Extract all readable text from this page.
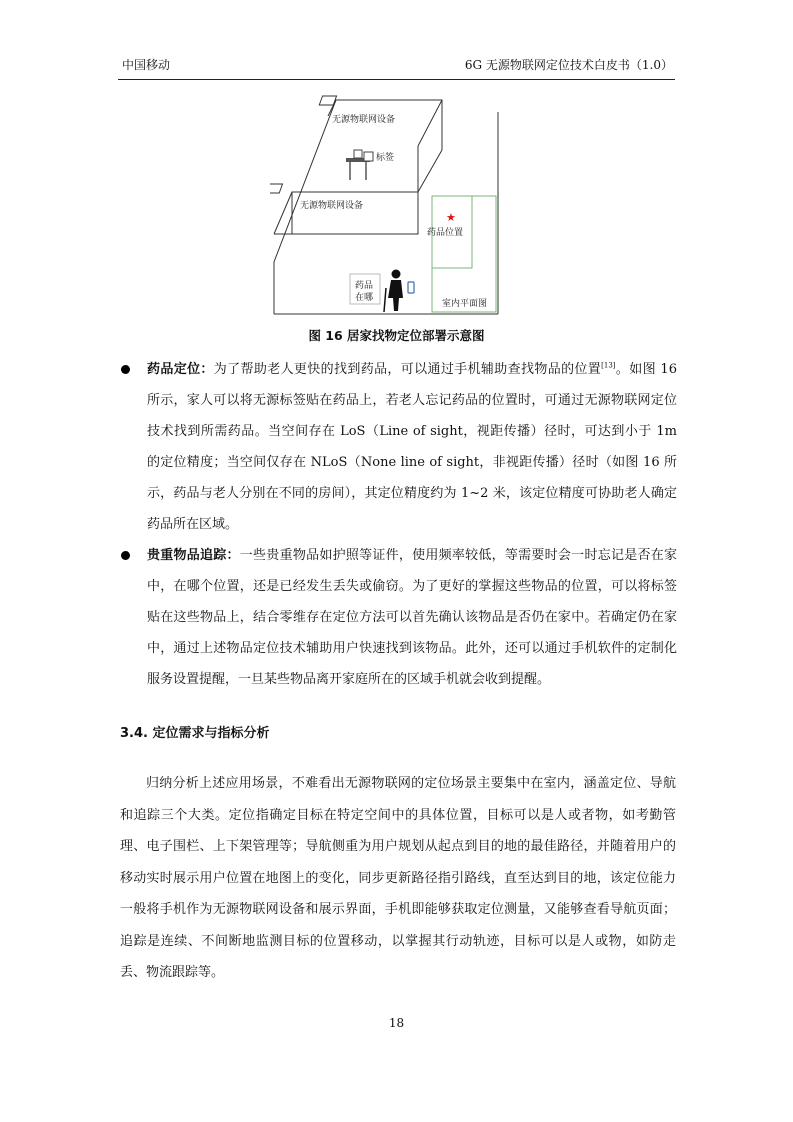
中国移动	6G 无源物联网定位技术白皮书（1.0）
无源物联网设备
标签
无源物联网设备
★
药品位置
室内平面图
药品
在哪
图 16 居家找物定位部署示意图
药品定位：为了帮助老人更快的找到药品，可以通过手机辅助查找物品的位置[13]。如图 16 所示，家人可以将无源标签贴在药品上，若老人忘记药品的位置时，可通过无源物联网定位技术找到所需药品。当空间存在 LoS（Line of sight，视距传播）径时，可达到小于 1m 的定位精度；当空间仅存在 NLoS（None line of sight，非视距传播）径时（如图 16 所示，药品与老人分别在不同的房间），其定位精度约为 1~2 米，该定位精度可协助老人确定药品所在区域。
贵重物品追踪：一些贵重物品如护照等证件，使用频率较低，等需要时会一时忘记是否在家中，在哪个位置，还是已经发生丢失或偷窃。为了更好的掌握这些物品的位置，可以将标签贴在这些物品上，结合零维存在定位方法可以首先确认该物品是否仍在家中。若确定仍在家中，通过上述物品定位技术辅助用户快速找到该物品。此外，还可以通过手机软件的定制化服务设置提醒，一旦某些物品离开家庭所在的区域手机就会收到提醒。
3.4. 定位需求与指标分析
归纳分析上述应用场景，不难看出无源物联网的定位场景主要集中在室内，涵盖定位、导航和追踪三个大类。定位指确定目标在特定空间中的具体位置，目标可以是人或者物，如考勤管理、电子围栏、上下架管理等；导航侧重为用户规划从起点到目的地的最佳路径，并随着用户的移动实时展示用户位置在地图上的变化，同步更新路径指引路线，直至达到目的地，该定位能力一般将手机作为无源物联网设备和展示界面，手机即能够获取定位测量，又能够查看导航页面；追踪是连续、不间断地监测目标的位置移动，以掌握其行动轨迹，目标可以是人或物，如防走丢、物流跟踪等。
18
